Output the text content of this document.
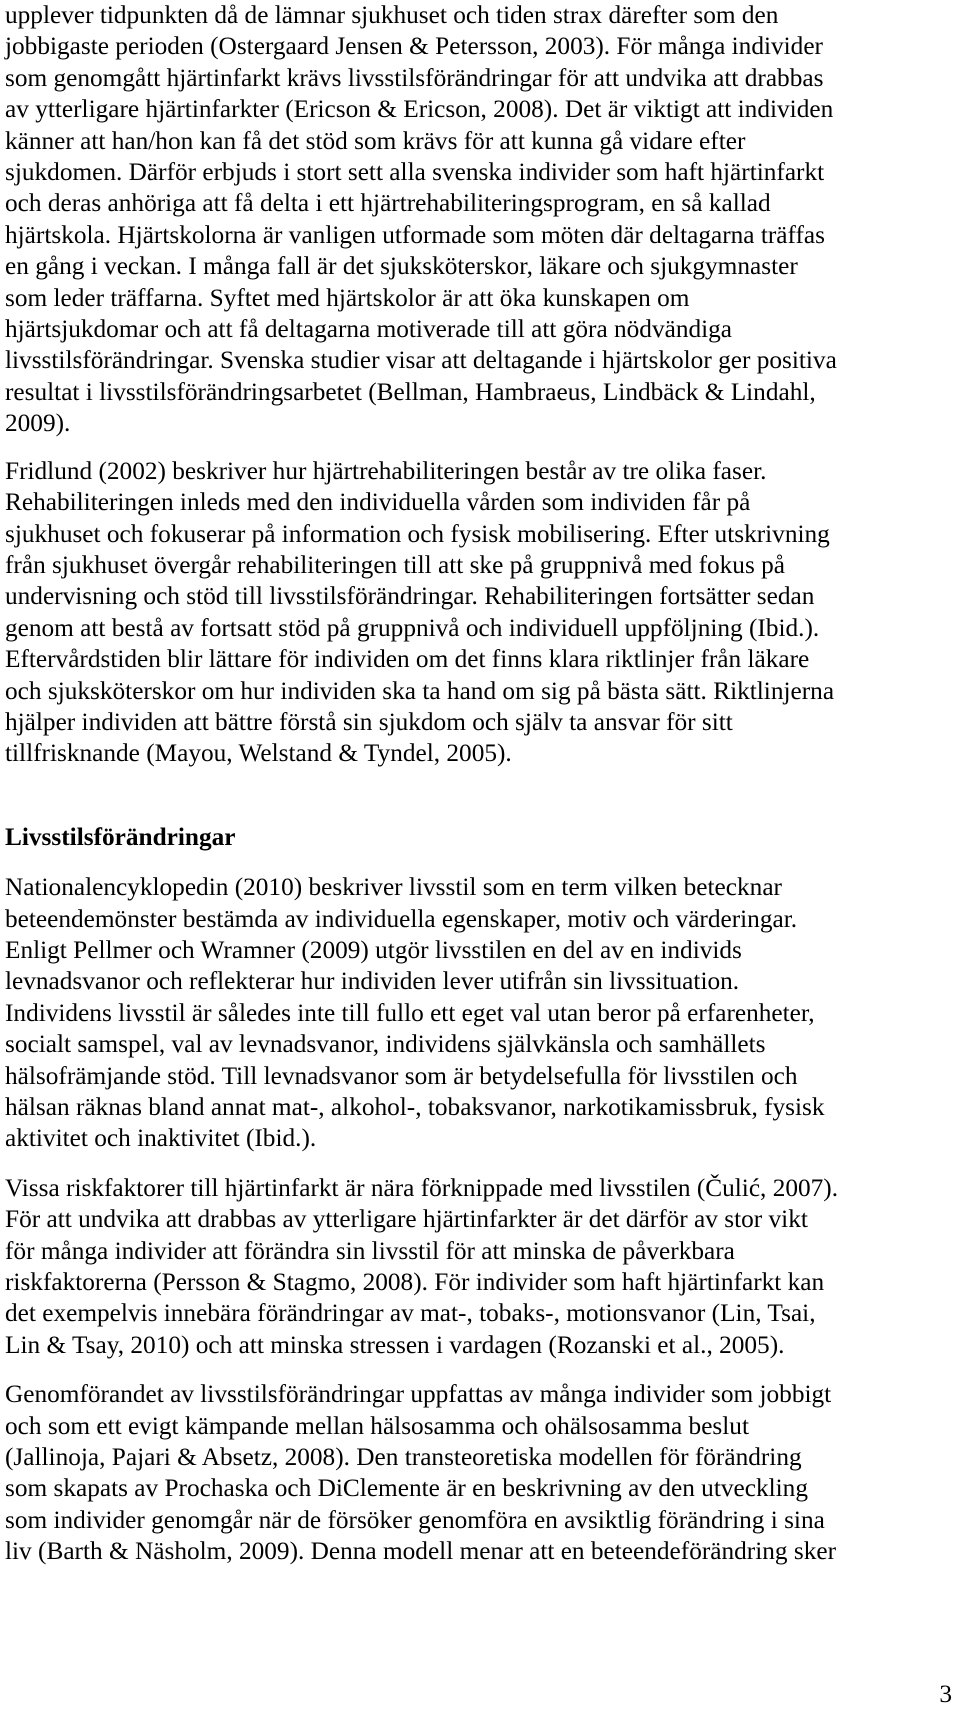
upplever tidpunkten då de lämnar sjukhuset och tiden strax därefter som den
jobbigaste perioden (Ostergaard Jensen & Petersson, 2003). För många individer
som genomgått hjärtinfarkt krävs livsstilsförändringar för att undvika att drabbas
av ytterligare hjärtinfarkter (Ericson & Ericson, 2008). Det är viktigt att individen
känner att han/hon kan få det stöd som krävs för att kunna gå vidare efter
sjukdomen. Därför erbjuds i stort sett alla svenska individer som haft hjärtinfarkt
och deras anhöriga att få delta i ett hjärtrehabiliteringsprogram, en så kallad
hjärtskola. Hjärtskolorna är vanligen utformade som möten där deltagarna träffas
en gång i veckan. I många fall är det sjuksköterskor, läkare och sjukgymnaster
som leder träffarna. Syftet med hjärtskolor är att öka kunskapen om
hjärtsjukdomar och att få deltagarna motiverade till att göra nödvändiga
livsstilsförändringar. Svenska studier visar att deltagande i hjärtskolor ger positiva
resultat i livsstilsförändringsarbetet (Bellman, Hambraeus, Lindbäck & Lindahl,
2009).

Fridlund (2002) beskriver hur hjärtrehabiliteringen består av tre olika faser.
Rehabiliteringen inleds med den individuella vården som individen får på
sjukhuset och fokuserar på information och fysisk mobilisering. Efter utskrivning
från sjukhuset övergår rehabiliteringen till att ske på gruppnivå med fokus på
undervisning och stöd till livsstilsförändringar. Rehabiliteringen fortsätter sedan
genom att bestå av fortsatt stöd på gruppnivå och individuell uppföljning (Ibid.).
Eftervårdstiden blir lättare för individen om det finns klara riktlinjer från läkare
och sjuksköterskor om hur individen ska ta hand om sig på bästa sätt. Riktlinjerna
hjälper individen att bättre förstå sin sjukdom och själv ta ansvar för sitt
tillfrisknande (Mayou, Welstand & Tyndel, 2005).

Livsstilsförändringar

Nationalencyklopedin (2010) beskriver livsstil som en term vilken betecknar
beteendemönster bestämda av individuella egenskaper, motiv och värderingar.
Enligt Pellmer och Wramner (2009) utgör livsstilen en del av en individs
levnadsvanor och reflekterar hur individen lever utifrån sin livssituation.
Individens livsstil är således inte till fullo ett eget val utan beror på erfarenheter,
socialt samspel, val av levnadsvanor, individens självkänsla och samhällets
hälsofrämjande stöd. Till levnadsvanor som är betydelsefulla för livsstilen och
hälsan räknas bland annat mat-, alkohol-, tobaksvanor, narkotikamissbruk, fysisk
aktivitet och inaktivitet (Ibid.).

Vissa riskfaktorer till hjärtinfarkt är nära förknippade med livsstilen (Čulić, 2007).
För att undvika att drabbas av ytterligare hjärtinfarkter är det därför av stor vikt
för många individer att förändra sin livsstil för att minska de påverkbara
riskfaktorerna (Persson & Stagmo, 2008). För individer som haft hjärtinfarkt kan
det exempelvis innebära förändringar av mat-, tobaks-, motionsvanor (Lin, Tsai,
Lin & Tsay, 2010) och att minska stressen i vardagen (Rozanski et al., 2005).

Genomförandet av livsstilsförändringar uppfattas av många individer som jobbigt
och som ett evigt kämpande mellan hälsosamma och ohälsosamma beslut
(Jallinoja, Pajari & Absetz, 2008). Den transteoretiska modellen för förändring
som skapats av Prochaska och DiClemente är en beskrivning av den utveckling
som individer genomgår när de försöker genomföra en avsiktlig förändring i sina
liv (Barth & Näsholm, 2009). Denna modell menar att en beteendeförändring sker

3
